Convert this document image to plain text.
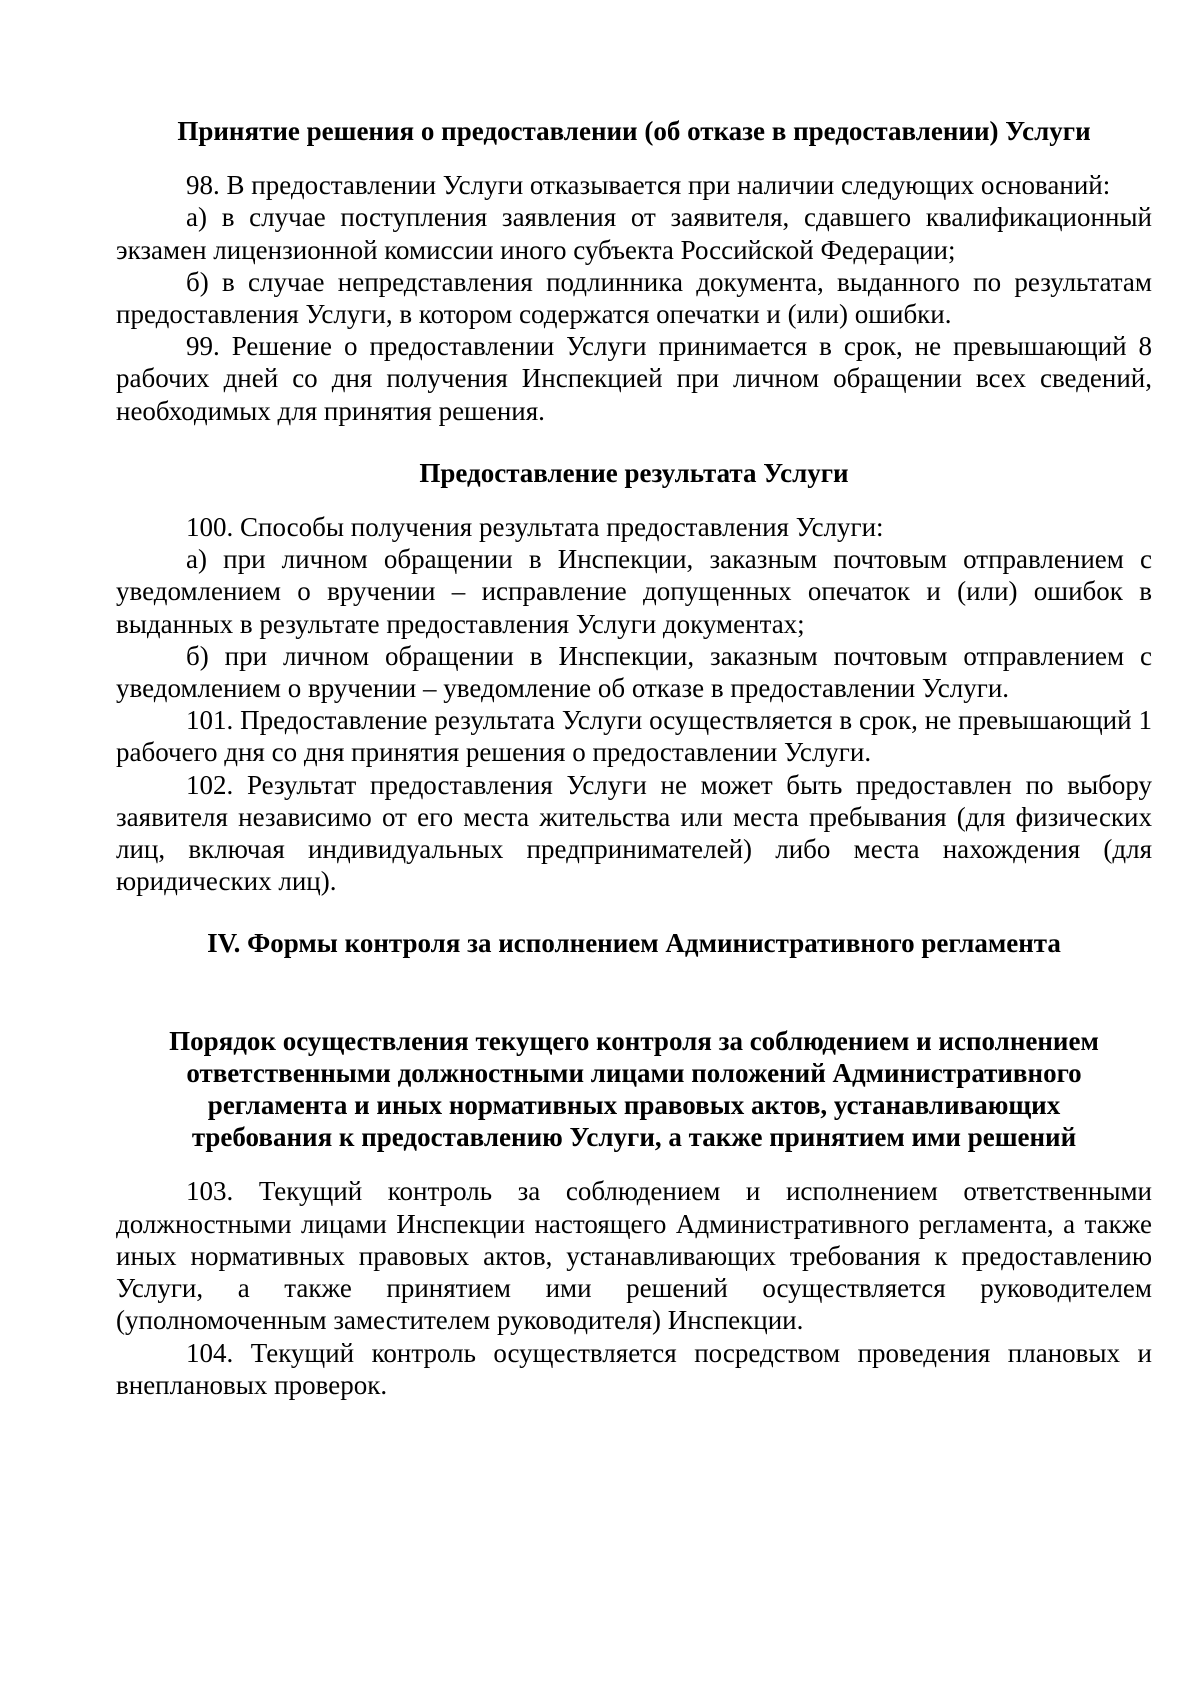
Принятие решения о предоставлении (об отказе в предоставлении) Услуги

98. В предоставлении Услуги отказывается при наличии следующих оснований:

а) в случае поступления заявления от заявителя, сдавшего квалификационный экзамен лицензионной комиссии иного субъекта Российской Федерации;

б) в случае непредставления подлинника документа, выданного по результатам предоставления Услуги, в котором содержатся опечатки и (или) ошибки.

99. Решение о предоставлении Услуги принимается в срок, не превышающий 8 рабочих дней со дня получения Инспекцией при личном обращении всех сведений, необходимых для принятия решения.

Предоставление результата Услуги

100. Способы получения результата предоставления Услуги:

а) при личном обращении в Инспекции, заказным почтовым отправлением с уведомлением о вручении – исправление допущенных опечаток и (или) ошибок в выданных в результате предоставления Услуги документах;

б) при личном обращении в Инспекции, заказным почтовым отправлением с уведомлением о вручении – уведомление об отказе в предоставлении Услуги.

101. Предоставление результата Услуги осуществляется в срок, не превышающий 1 рабочего дня со дня принятия решения о предоставлении Услуги.

102. Результат предоставления Услуги не может быть предоставлен по выбору заявителя независимо от его места жительства или места пребывания (для физических лиц, включая индивидуальных предпринимателей) либо места нахождения (для юридических лиц).

IV. Формы контроля за исполнением Административного регламента
Порядок осуществления текущего контроля за соблюдением и исполнением
ответственными должностными лицами положений Административного
регламента и иных нормативных правовых актов, устанавливающих
требования к предоставлению Услуги, а также принятием ими решений

103. Текущий контроль за соблюдением и исполнением ответственными должностными лицами Инспекции настоящего Административного регламента, а также иных нормативных правовых актов, устанавливающих требования к предоставлению Услуги, а также принятием ими решений осуществляется руководителем (уполномоченным заместителем руководителя) Инспекции.

104. Текущий контроль осуществляется посредством проведения плановых и внеплановых проверок.
